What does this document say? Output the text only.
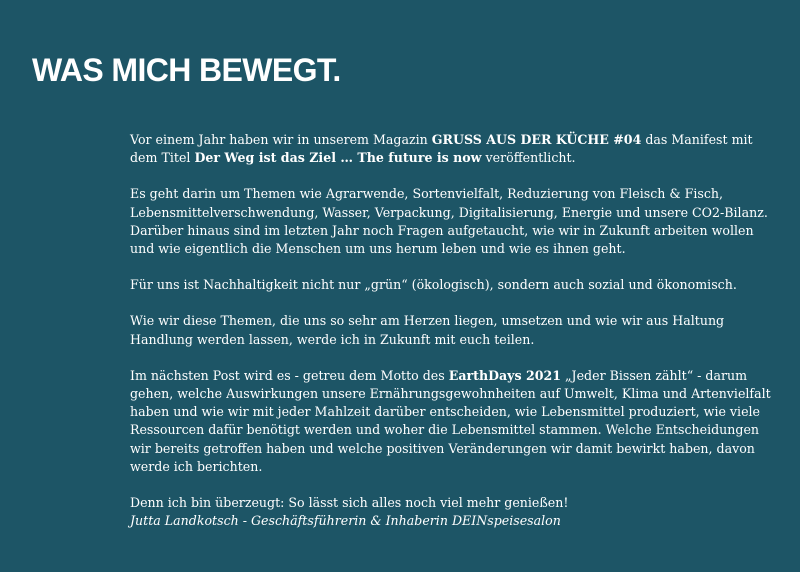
WAS MICH BEWEGT.

Vor einem Jahr haben wir in unserem Magazin GRUSS AUS DER KÜCHE #04 das Manifest mit dem Titel Der Weg ist das Ziel … The future is now veröffentlicht.

Es geht darin um Themen wie Agrarwende, Sortenvielfalt, Reduzierung von Fleisch & Fisch, Lebensmittelverschwendung, Wasser, Verpackung, Digitalisierung, Energie und unsere CO2-Bilanz. Darüber hinaus sind im letzten Jahr noch Fragen aufgetaucht, wie wir in Zukunft arbeiten wollen und wie eigentlich die Menschen um uns herum leben und wie es ihnen geht.

Für uns ist Nachhaltigkeit nicht nur „grün“ (ökologisch), sondern auch sozial und ökonomisch.

Wie wir diese Themen, die uns so sehr am Herzen liegen, umsetzen und wie wir aus Haltung Handlung werden lassen, werde ich in Zukunft mit euch teilen.

Im nächsten Post wird es - getreu dem Motto des EarthDays 2021 „Jeder Bissen zählt“ - darum gehen, welche Auswirkungen unsere Ernährungsgewohnheiten auf Umwelt, Klima und Artenvielfalt haben und wie wir mit jeder Mahlzeit darüber entscheiden, wie Lebensmittel produziert, wie viele Ressourcen dafür benötigt werden und woher die Lebensmittel stammen. Welche Entscheidungen wir bereits getroffen haben und welche positiven Veränderungen wir damit bewirkt haben, davon werde ich berichten.

Denn ich bin überzeugt: So lässt sich alles noch viel mehr genießen!
Jutta Landkotsch - Geschäftsführerin & Inhaberin DEINspeisesalon
